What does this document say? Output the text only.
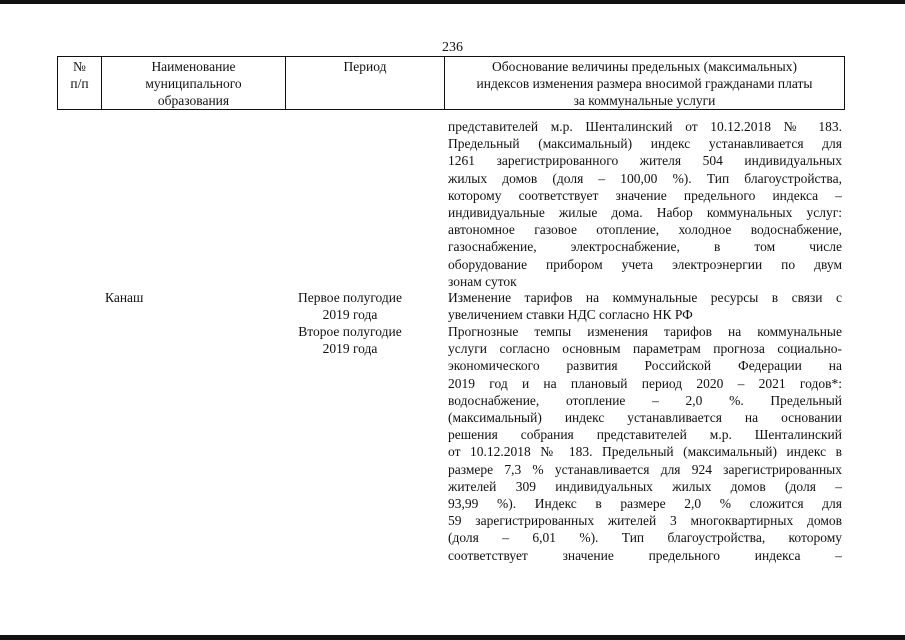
236
№
п/п
Наименование
муниципального
образования
Период	Обоснование величины предельных (максимальных)
индексов изменения размера вносимой гражданами платы
за коммунальные услуги
представителей м.р. Шенталинский от 10.12.2018 № 183.
Предельный (максимальный) индекс устанавливается для
1261 зарегистрированного жителя 504 индивидуальных
жилых домов (доля – 100,00 %). Тип благоустройства,
которому соответствует значение предельного индекса –
индивидуальные жилые дома. Набор коммунальных услуг:
автономное газовое отопление, холодное водоснабжение,
газоснабжение, электроснабжение, в том числе
оборудование прибором учета электроэнергии по двум
зонам суток
Канаш	Первое полугодие
2019 года
Изменение тарифов на коммунальные ресурсы в связи с
увеличением ставки НДС согласно НК РФ
Второе полугодие
2019 года
Прогнозные темпы изменения тарифов на коммунальные
услуги согласно основным параметрам прогноза социально-
экономического развития Российской Федерации на
2019 год и на плановый период 2020 – 2021 годов*:
водоснабжение, отопление – 2,0 %. Предельный
(максимальный) индекс устанавливается на основании
решения собрания представителей м.р. Шенталинский
от 10.12.2018 № 183. Предельный (максимальный) индекс в
размере 7,3 % устанавливается для 924 зарегистрированных
жителей 309 индивидуальных жилых домов (доля –
93,99 %). Индекс в размере 2,0 % сложится для
59 зарегистрированных жителей 3 многоквартирных домов
(доля – 6,01 %). Тип благоустройства, которому
соответствует значение предельного индекса –
